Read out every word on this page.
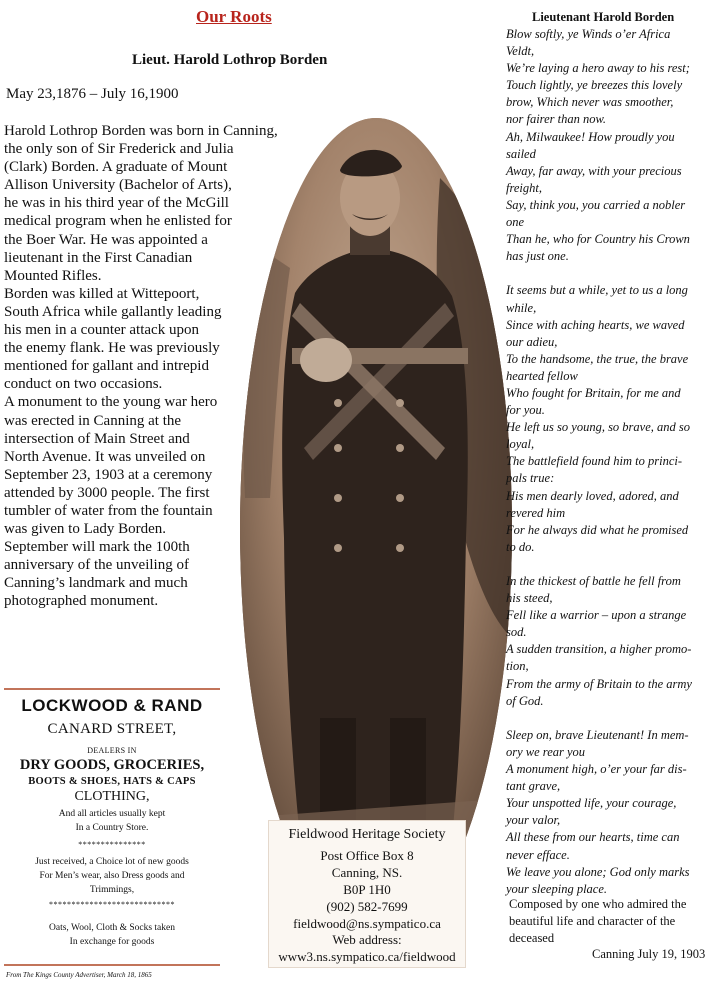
Our Roots
Lieut. Harold Lothrop Borden
May 23,1876 – July 16,1900
Harold Lothrop Borden was born in Canning,
the only son of Sir Frederick and Julia
(Clark) Borden. A graduate of Mount
Allison University (Bachelor of Arts),
he was in his third year of the McGill
medical program when he enlisted for
the Boer War. He was appointed a
lieutenant in the First Canadian
Mounted Rifles.
Borden was killed at Wittepoort,
South Africa while gallantly leading
his men in a counter attack upon
the enemy flank. He was previously
mentioned for gallant and intrepid
conduct on two occasions.
A monument to the young war hero
was erected in Canning at the
intersection of Main Street and
North Avenue. It was unveiled on
September 23, 1903 at a ceremony
attended by 3000 people. The first
tumbler of water from the fountain
was given to Lady Borden.
September will mark the 100th
anniversary of the unveiling of
Canning’s landmark and much
photographed monument.
LOCKWOOD & RAND
CANARD STREET,
DEALERS IN
DRY GOODS, GROCERIES,
BOOTS & SHOES, HATS & CAPS
CLOTHING,
And all articles usually kept
In a Country Store.
***************
Just received, a Choice lot of new goods
For Men’s wear, also Dress goods and
Trimmings,
****************************
Oats, Wool, Cloth & Socks taken
In exchange for goods
From The Kings County Advertiser, March 18, 1865
Fieldwood Heritage Society
Post Office Box 8
Canning, NS.
B0P 1H0
(902) 582-7699
fieldwood@ns.sympatico.ca
Web address:
www3.ns.sympatico.ca/fieldwood
Lieutenant Harold Borden
Blow softly, ye Winds o’er Africa
Veldt,
We’re laying a hero away to his rest;
Touch lightly, ye breezes this lovely
brow, Which never was smoother,
nor fairer than now.
Ah, Milwaukee! How proudly you
sailed
Away, far away, with your precious
freight,
Say, think you, you carried a nobler
one
Than he, who for Country his Crown
has just one.
It seems but a while, yet to us a long
while,
Since with aching hearts, we waved
our adieu,
To the handsome, the true, the brave
hearted fellow
Who fought for Britain, for me and
for you.
He left us so young, so brave, and so
loyal,
The battlefield found him to princi-
pals true:
His men dearly loved, adored, and
revered him
For he always did what he promised
to do.
In the thickest of battle he fell from
his steed,
Fell like a warrior – upon a strange
sod.
A sudden transition, a higher promo-
tion,
From the army of Britain to the army
of God.
Sleep on, brave Lieutenant! In mem-
ory we rear you
A monument high, o’er your far dis-
tant grave,
Your unspotted life, your courage,
your valor,
All these from our hearts, time can
never efface.
We leave you alone; God only marks
your sleeping place.
Composed by one who admired the
beautiful life and character of the
deceased
Canning July 19, 1903
